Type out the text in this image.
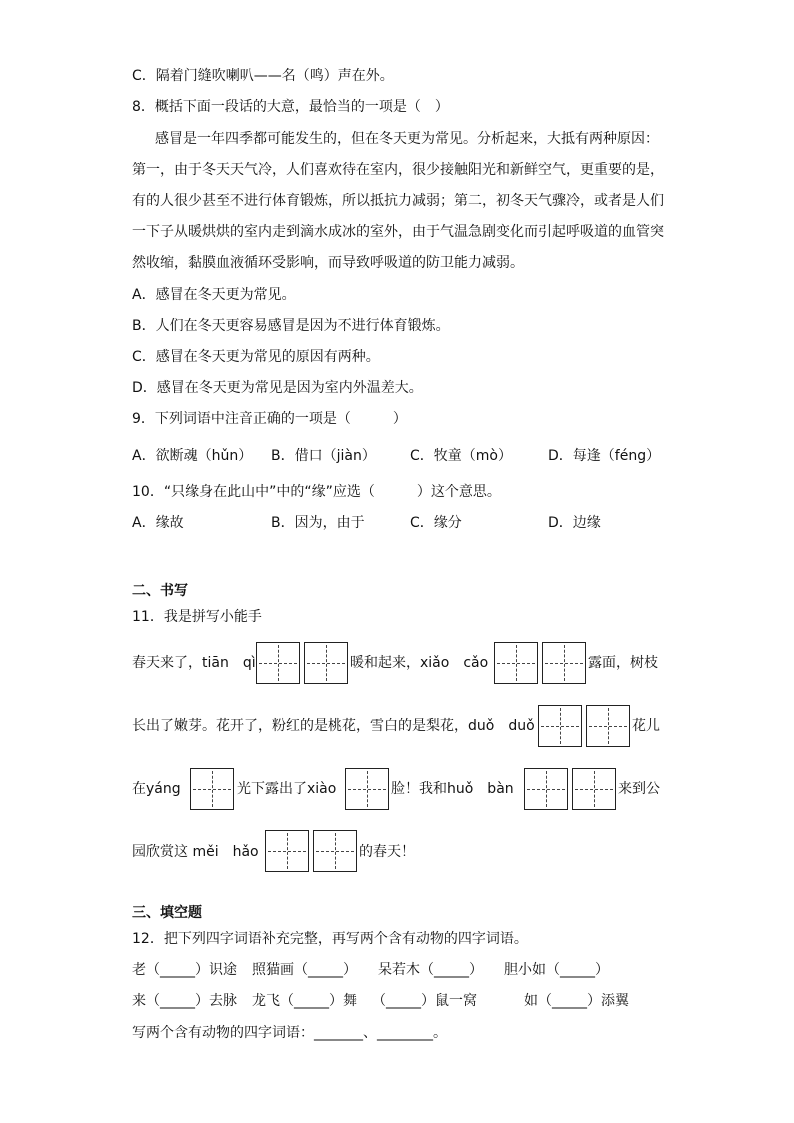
C．隔着门缝吹喇叭——名（鸣）声在外。
8．概括下面一段话的大意，最恰当的一项是（　）
感冒是一年四季都可能发生的，但在冬天更为常见。分析起来，大抵有两种原因：
第一，由于冬天天气冷，人们喜欢待在室内，很少接触阳光和新鲜空气，更重要的是，
有的人很少甚至不进行体育锻炼，所以抵抗力减弱；第二，初冬天气骤冷，或者是人们
一下子从暖烘烘的室内走到滴水成冰的室外，由于气温急剧变化而引起呼吸道的血管突
然收缩，黏膜血液循环受影响，而导致呼吸道的防卫能力减弱。
A．感冒在冬天更为常见。
B．人们在冬天更容易感冒是因为不进行体育锻炼。
C．感冒在冬天更为常见的原因有两种。
D．感冒在冬天更为常见是因为室内外温差大。
9．下列词语中注音正确的一项是（　　　）
A．欲断魂（hǔn） B．借口（jiàn） C．牧童（mò）	D．每逢（féng）
10．“只缘身在此山中”中的“缘”应选（　　　）这个意思。
A．缘故	B．因为，由于	C．缘分	D．边缘
二、书写
11．我是拼写小能手
春天来了，tiān　qì	暖和起来，xiǎo　cǎo	露面，树枝
长出了嫩芽。花开了，粉红的是桃花，雪白的是梨花，duǒ　duǒ	花儿
在yáng	光下露出了xiào	脸！我和huǒ　bàn	来到公
园欣赏这 měi　hǎo	的春天！
三、填空题
12．把下列四字词语补充完整，再写两个含有动物的四字词语。
老（_____）识途 照猫画（_____） 呆若木（_____） 胆小如（_____）
来（_____）去脉 龙飞（_____）舞 （_____）鼠一窝	如（_____）添翼
写两个含有动物的四字词语：_______、________。
